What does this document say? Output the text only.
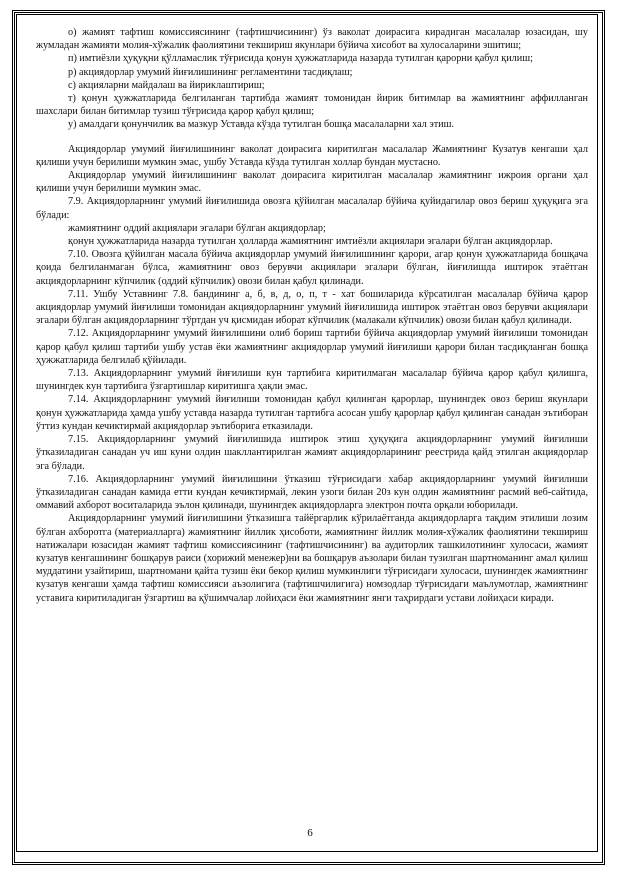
о) жамият тафтиш комиссиясининг (тафтишчисининг) ўз ваколат доирасига кирадиган масалалар юзасидан, шу жумладан жамияти молия-хўжалик фаолиятини текшириш якунлари бўйича хисобот ва хулосаларини эшитиш;

п) имтиёзли ҳуқуқни қўлламаслик тўғрисида қонун ҳужжатларида назарда тутилган қарорни қабул қилиш;

р) акциядорлар умумий йиғилишининг регламентини тасдиқлаш;

с) акцияларни майдалаш ва йириклаштириш;

т) қонун ҳужжатларида белгиланган тартибда жамият томонидан йирик битимлар ва жамиятнинг аффилланган шахслари билан битимлар тузиш тўғрисида қарор қабул қилиш;

у) амалдаги қонунчилик ва мазкур Уставда кўзда тутилган бошқа масалаларни хал этиш.

Акциядорлар умумий йиғилишининг ваколат доирасига киритилган масалалар Жамиятнинг Кузатув кенгаши ҳал қилиши учун берилиши мумкин эмас, ушбу Уставда кўзда тутилган холлар бундан мустасно.

Акциядорлар умумий йиғилишининг ваколат доирасига киритилган масалалар жамиятнинг ижроия органи ҳал қилиши учун берилиши мумкин эмас.

7.9. Акциядорларнинг умумий йиғилишида овозга қўйилган масалалар бўйича қуйидагилар овоз бериш ҳуқуқига эга бўлади:

жамиятнинг оддий акциялари эгалари бўлган акциядорлар;

қонун ҳужжатларида назарда тутилган ҳолларда жамиятнинг имтиёзли акциялари эгалари бўлган акциядорлар.

7.10. Овозга қўйилган масала бўйича акциядорлар умумий йиғилишининг қарори, агар қонун ҳужжатларида бошқача қоида белгиланмаган бўлса, жамиятнинг овоз берувчи акциялари эгалари бўлган, йиғилишда иштирок этаётган акциядорларнинг кўпчилик (оддий кўпчилик) овози билан қабул қилинади.

7.11. Ушбу Уставнинг 7.8. бандининг а, б, в, д, о, п, т - хат бошиларида кўрсатилган масалалар бўйича қарор акциядорлар умумий йиғилиши томонидан акциядорларнинг умумий йиғилишида иштирок этаётган овоз берувчи акциялари эгалари бўлган акциядорларнинг тўртдан уч қисмидан иборат кўпчилик (малакали кўпчилик) овози билан қабул қилинади.

7.12. Акциядорларнинг умумий йиғилишини олиб бориш тартиби бўйича акциядорлар умумий йиғилиши томонидан қарор қабул қилиш тартиби ушбу устав ёки жамиятнинг акциядорлар умумий йиғилиши қарори билан тасдиқланган бошқа ҳужжатларида белгилаб қўйилади.

7.13. Акциядорларнинг умумий йиғилиши кун тартибига киритилмаган масалалар бўйича қарор қабул қилишга, шунингдек кун тартибига ўзгартишлар киритишга ҳақли эмас.

7.14. Акциядорларнинг умумий йиғилиши томонидан қабул қилинган қарорлар, шунингдек овоз бериш якунлари қонун ҳужжатларида ҳамда ушбу уставда назарда тутилган тартибга асосан ушбу қарорлар қабул қилинган санадан эътиборан ўттиз кундан кечиктирмай акциядорлар эътиборига етказилади.

7.15. Акциядорларнинг умумий йиғилишида иштирок этиш ҳуқуқига акциядорларнинг умумий йиғилиши ўтказиладиган санадан уч иш куни олдин шакллантирилган жамият акциядорларининг реестрида қайд этилган акциядорлар эга бўлади.

7.16. Акциядорларнинг умумий йиғилишини ўтказиш тўғрисидаги хабар акциядорларнинг умумий йиғилиши ўтказиладиган санадан камида етти кундан кечиктирмай, лекин узоги билан 20з кун олдин жамиятнинг расмий веб-сайтида, оммавий ахборот воситаларида эълон қилинади, шунингдек акциядорларга электрон почта орқали юборилади.

Акциядорларнинг умумий йиғилишини ўтказишга тайёргарлик кўрилаётганда акциядорларга тақдим этилиши лозим бўлган ахборотга (материалларга) жамиятнинг йиллик ҳисоботи, жамиятнинг йиллик молия-хўжалик фаолиятини текшириш натижалари юзасидан жамият тафтиш комиссиясининг (тафтишчисининг) ва аудиторлик ташкилотининг хулосаси, жамият кузатув кенгашининг бошқарув раиси (хорижий менежер)ни ва бошқарув аъзолари билан тузилган шартноманинг амал қилиш муддатини узайтириш, шартномани қайта тузиш ёки бекор қилиш мумкинлиги тўғрисидаги хулосаси, шунингдек жамиятнинг кузатув кенгаши ҳамда тафтиш комиссияси аъзолигига (тафтишчилигига) номзодлар тўғрисидаги маълумотлар, жамиятнинг уставига киритиладиган ўзгартиш ва қўшимчалар лойиҳаси ёки жамиятнинг янги таҳрирдаги устави лойиҳаси киради.

6
